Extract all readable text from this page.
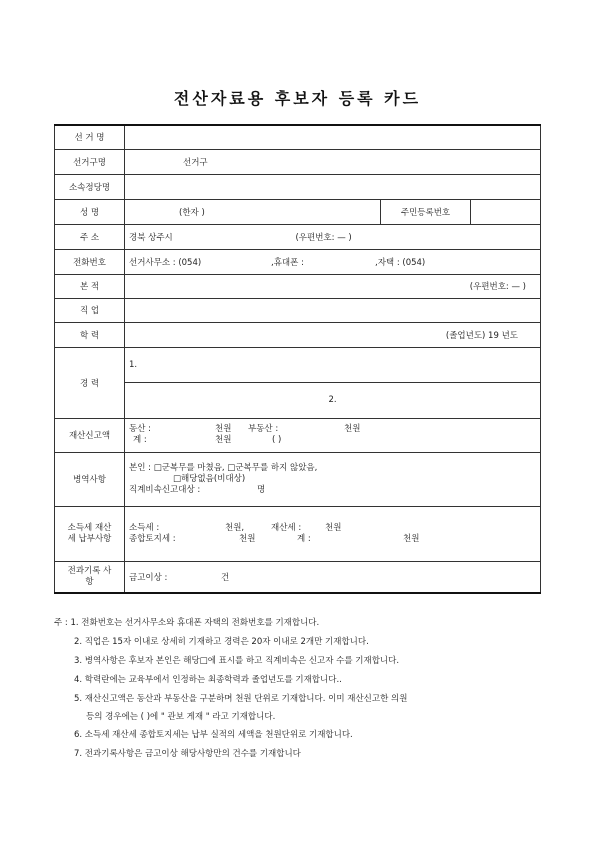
전산자료용 후보자 등록 카드
선 거 명			
선거구명	선거구		
소속정당명			
성 명	(한자 )	주민등록번호	
주 소	경북 상주시 (우편번호: — )		
전화번호	선거사무소 : (054) ,휴대폰 : ,자택 : (054)		
본 적	(우편번호: — )		
직 업			
학 력	(졸업년도) 19 년도		
경 력	1.		
	2.		
재산신고액	동산 : 천원 부동산 : 천원
계 : 천원 ( )		

병역사항	본인 : □군복무를 마쳤음, □군복무를 하지 않았음,
□해당없음(비대상)
직계비속신고대상 : 명		

소득세 재산세 납부사항	소득세 : 천원, 재산세 : 천원
종합토지세 : 천원 계 : 천원		

전과기록 사 항	금고이상 : 건		
주 : 1. 전화번호는 선거사무소와 휴대폰 자택의 전화번호를 기재합니다.
2. 직업은 15자 이내로 상세히 기재하고 경력은 20자 이내로 2개만 기재합니다.
3. 병역사항은 후보자 본인은 해당□에 표시를 하고 직계비속은 신고자 수를 기재합니다.
4. 학력란에는 교육부에서 인정하는 최종학력과 졸업년도를 기재합니다..
5. 재산신고액은 동산과 부동산을 구분하며 천원 단위로 기재합니다. 이미 재산신고한 의원
등의 경우에는 ( )에 " 관보 게재 " 라고 기재합니다.
6. 소득세 재산세 종합토지세는 납부 실적의 세액을 천원단위로 기재합니다.
7. 전과기록사항은 금고이상 해당사항만의 건수를 기재합니다
